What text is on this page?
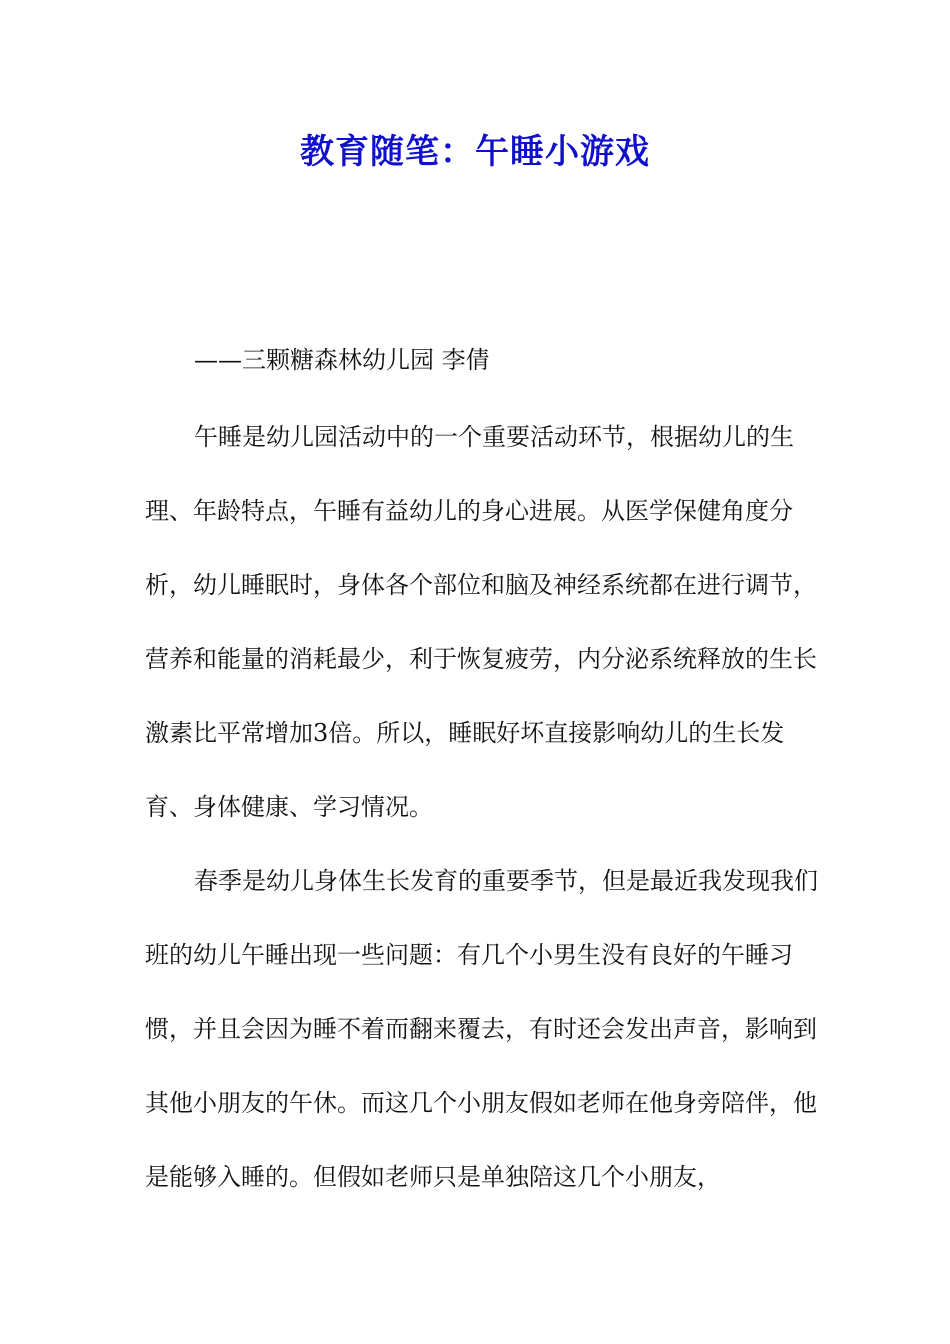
教育随笔：午睡小游戏

——三颗糖森林幼儿园 李倩

午睡是幼儿园活动中的一个重要活动环节，根据幼儿的生理、年龄特点，午睡有益幼儿的身心进展。从医学保健角度分析，幼儿睡眠时，身体各个部位和脑及神经系统都在进行调节，营养和能量的消耗最少，利于恢复疲劳，内分泌系统释放的生长激素比平常增加3倍。所以，睡眠好坏直接影响幼儿的生长发育、身体健康、学习情况。

春季是幼儿身体生长发育的重要季节，但是最近我发现我们班的幼儿午睡出现一些问题：有几个小男生没有良好的午睡习惯，并且会因为睡不着而翻来覆去，有时还会发出声音，影响到其他小朋友的午休。而这几个小朋友假如老师在他身旁陪伴，他是能够入睡的。但假如老师只是单独陪这几个小朋友，
